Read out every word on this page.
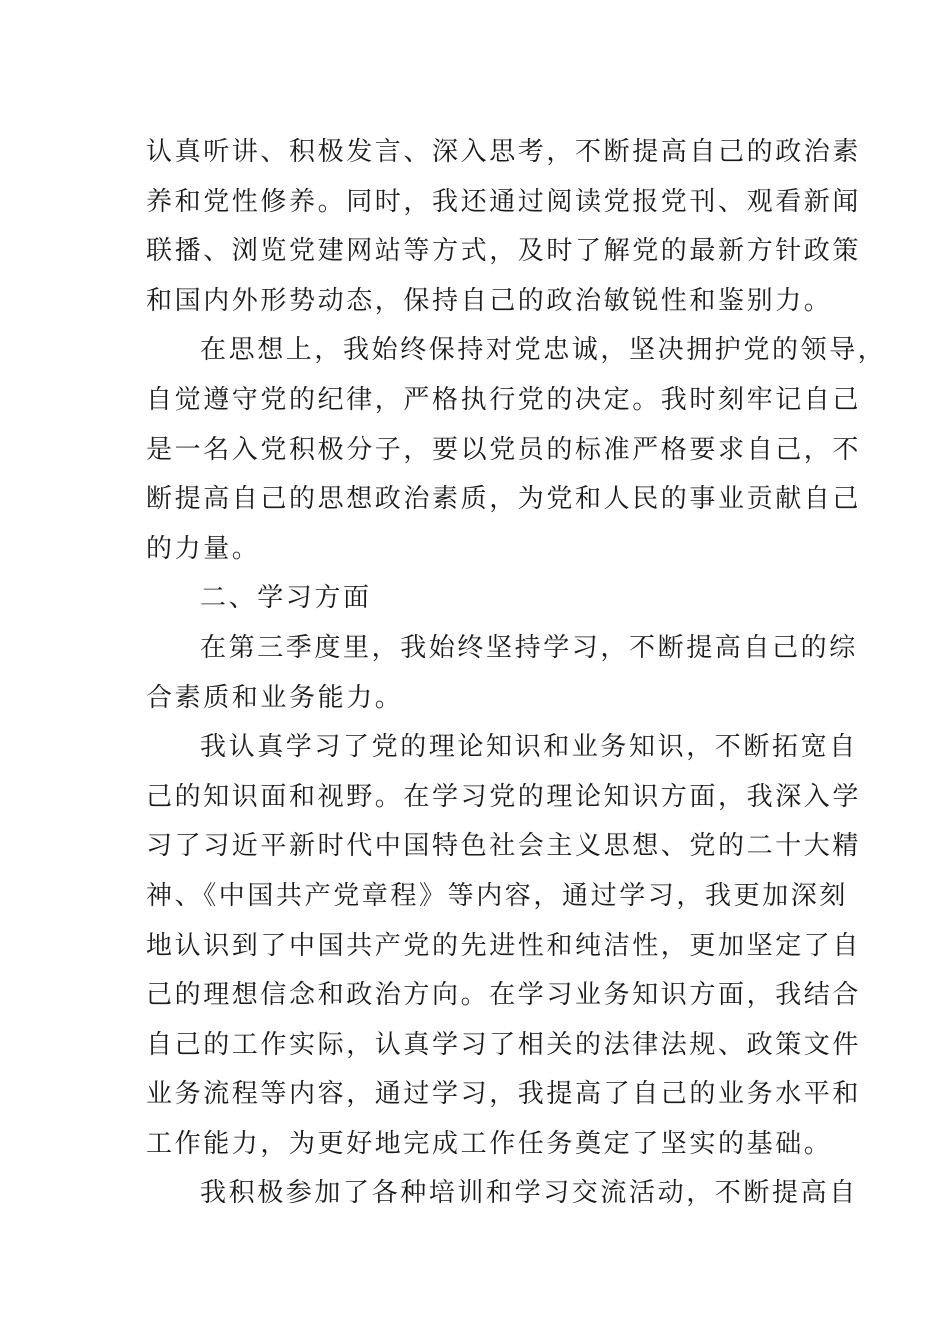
认真听讲、积极发言、深入思考，不断提高自己的政治素
养和党性修养。同时，我还通过阅读党报党刊、观看新闻
联播、浏览党建网站等方式，及时了解党的最新方针政策
和国内外形势动态，保持自己的政治敏锐性和鉴别力。
在思想上，我始终保持对党忠诚，坚决拥护党的领导，
自觉遵守党的纪律，严格执行党的决定。我时刻牢记自己
是一名入党积极分子，要以党员的标准严格要求自己，不
断提高自己的思想政治素质，为党和人民的事业贡献自己
的力量。
二、学习方面
在第三季度里，我始终坚持学习，不断提高自己的综
合素质和业务能力。
我认真学习了党的理论知识和业务知识，不断拓宽自
己的知识面和视野。在学习党的理论知识方面，我深入学
习了习近平新时代中国特色社会主义思想、党的二十大精
神、《中国共产党章程》等内容，通过学习，我更加深刻
地认识到了中国共产党的先进性和纯洁性，更加坚定了自
己的理想信念和政治方向。在学习业务知识方面，我结合
自己的工作实际，认真学习了相关的法律法规、政策文件
业务流程等内容，通过学习，我提高了自己的业务水平和
工作能力，为更好地完成工作任务奠定了坚实的基础。
我积极参加了各种培训和学习交流活动，不断提高自
